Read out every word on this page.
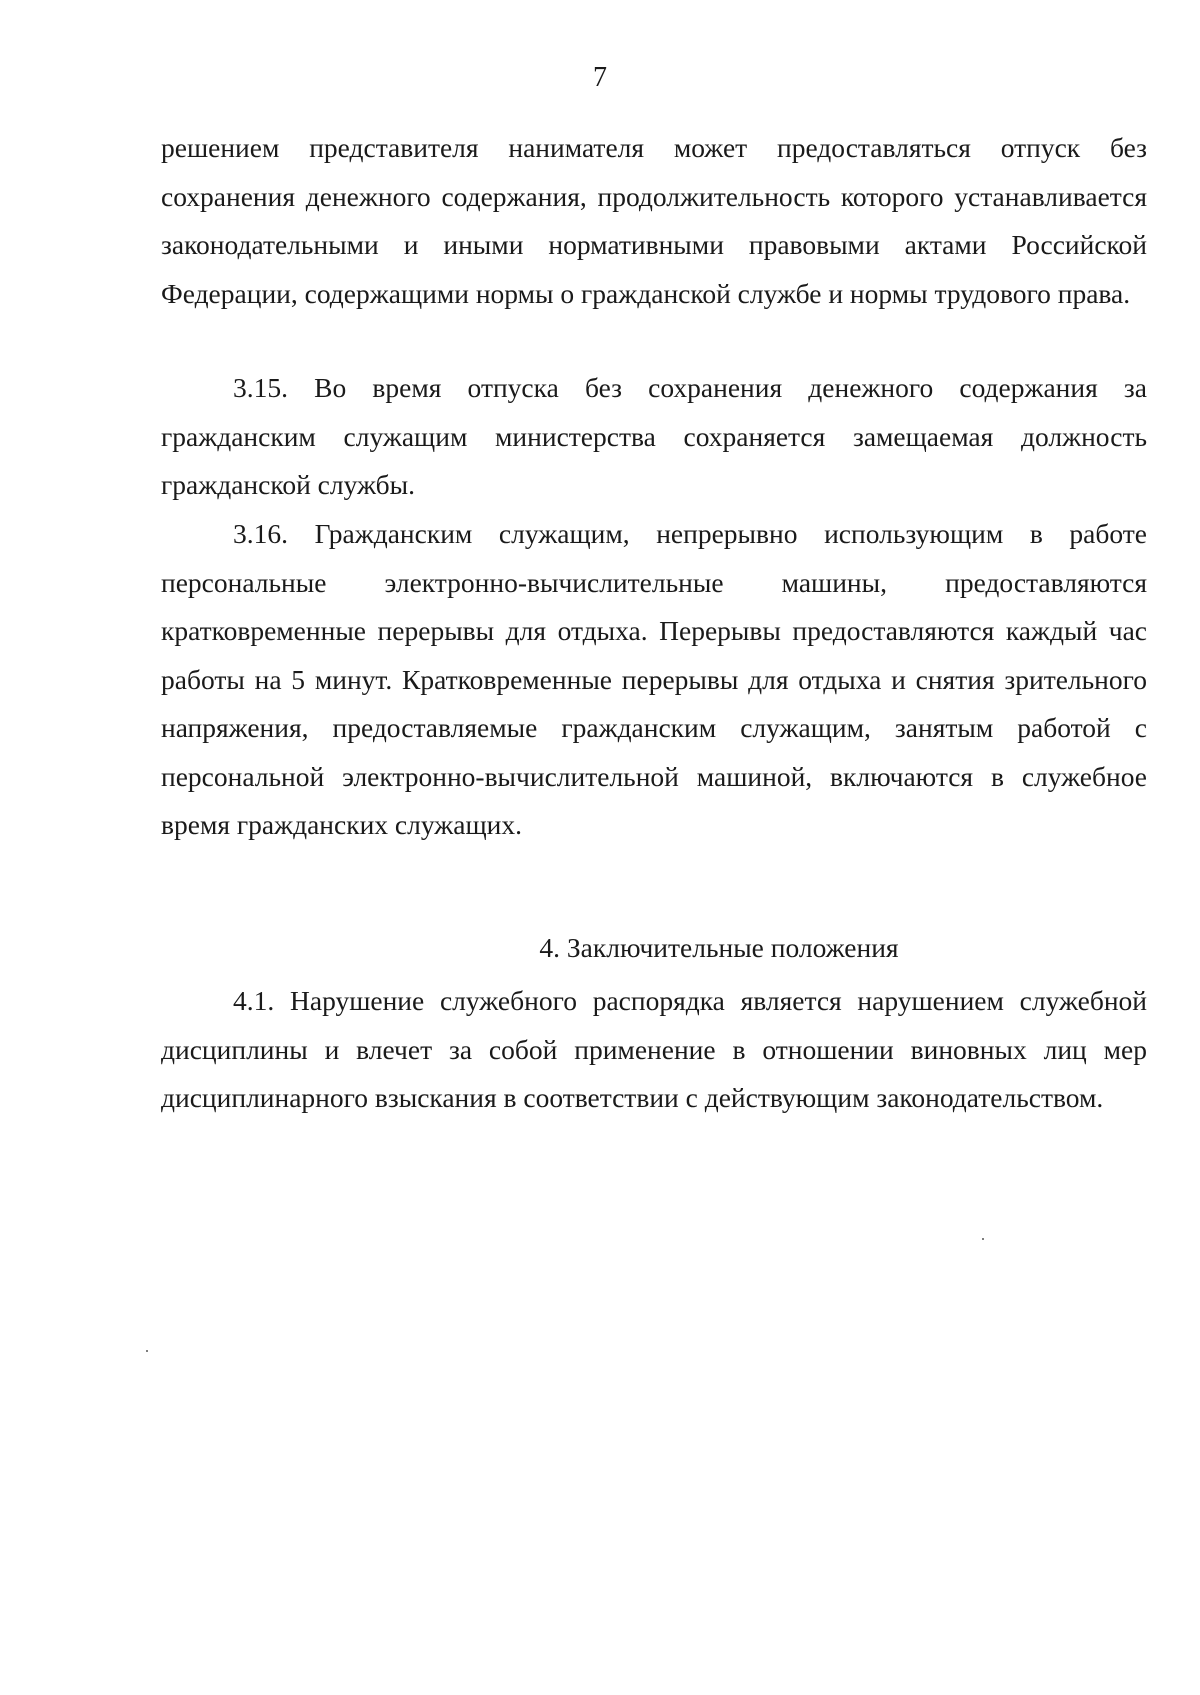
7

решением представителя нанимателя может предоставляться отпуск без сохранения денежного содержания, продолжительность которого устанавливается законодательными и иными нормативными правовыми актами Российской Федерации, содержащими нормы о гражданской службе и нормы трудового права.

3.15. Во время отпуска без сохранения денежного содержания за гражданским служащим министерства сохраняется замещаемая должность гражданской службы.

3.16. Гражданским служащим, непрерывно использующим в работе персональные электронно-вычислительные машины, предоставляются кратковременные перерывы для отдыха. Перерывы предоставляются каждый час работы на 5 минут. Кратковременные перерывы для отдыха и снятия зрительного напряжения, предоставляемые гражданским служащим, занятым работой с персональной электронно-вычислительной машиной, включаются в служебное время гражданских служащих.

4. Заключительные положения

4.1. Нарушение служебного распорядка является нарушением служебной дисциплины и влечет за собой применение в отношении виновных лиц мер дисциплинарного взыскания в соответствии с действующим законодательством.
